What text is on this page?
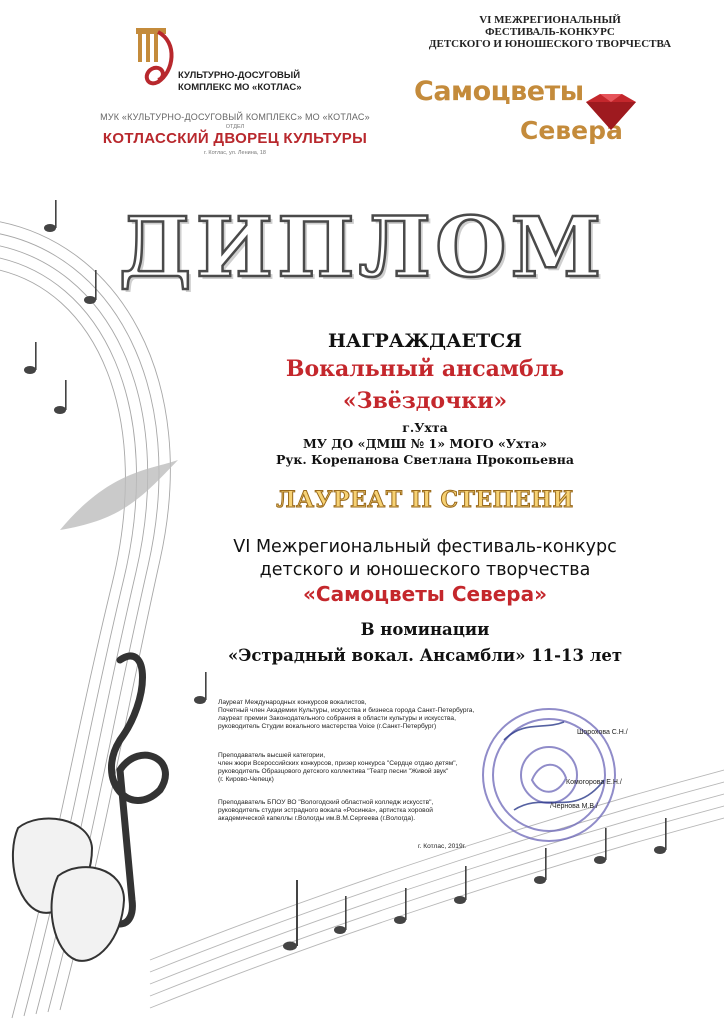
КУЛЬТУРНО-ДОСУГОВЫЙ
КОМПЛЕКС МО «КОТЛАС»
МУК «КУЛЬТУРНО-ДОСУГОВЫЙ КОМПЛЕКС» МО «КОТЛАС»
ОТДЕЛ
КОТЛАССКИЙ ДВОРЕЦ КУЛЬТУРЫ
г. Котлас, ул. Ленина, 18
VI МЕЖРЕГИОНАЛЬНЫЙ
ФЕСТИВАЛЬ-КОНКУРС
ДЕТСКОГО И ЮНОШЕСКОГО ТВОРЧЕСТВА
Самоцветы
Севера
ДИПЛОМ
НАГРАЖДАЕТСЯ
Вокальный ансамбль
«Звёздочки»
г.Ухта
МУ ДО «ДМШ № 1» МОГО «Ухта»
Рук. Корепанова Светлана Прокопьевна
ЛАУРЕАТ II СТЕПЕНИ
VI Межрегиональный фестиваль-конкурс
детского и юношеского творчества
«Самоцветы Севера»
В номинации
«Эстрадный вокал. Ансамбли» 11-13 лет
Лауреат Международных конкурсов вокалистов,
Почетный член Академии Культуры, искусства и бизнеса города Санкт-Петербурга,
лауреат премии Законодательного собрания в области культуры и искусства,
руководитель Студии вокального мастерства Voice (г.Санкт-Петербург)
Преподаватель высшей категории,
член жюри Всероссийских конкурсов, призер конкурса "Сердце отдаю детям",
руководитель Образцового детского коллектива "Театр песни "Живой звук"
(г. Кирово-Чепецк)
Преподаватель БПОУ ВО "Вологодский областной колледж искусств",
руководитель студии эстрадного вокала «Росинка», артистка хоровой
академической капеллы г.Вологды им.В.М.Сергеева (г.Вологда).
Шорохова С.Н./
Комогорова Е.Н./
/Чернова М.В./
г. Котлас, 2019г.
